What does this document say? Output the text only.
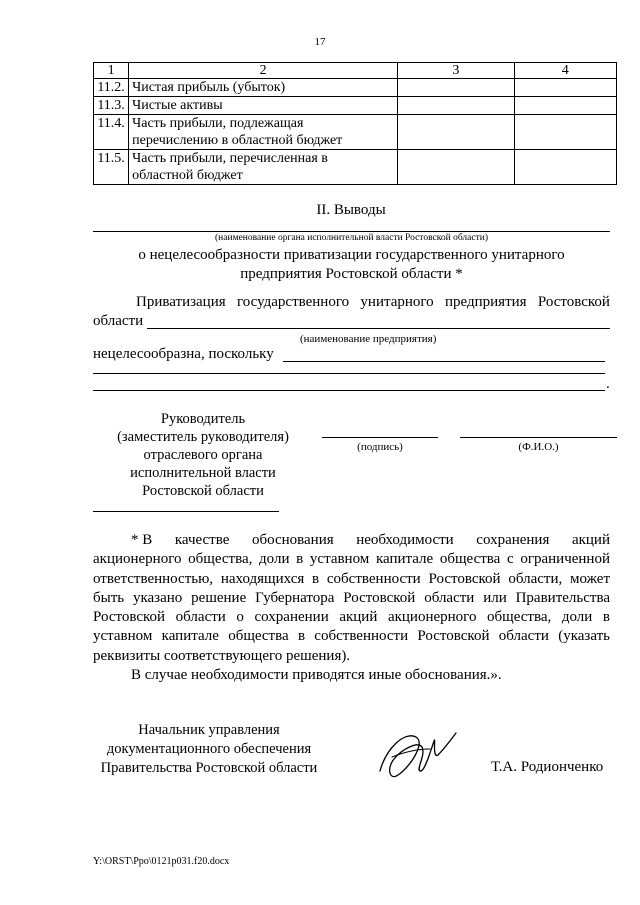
17
1	2	3	4
11.2.	Чистая прибыль (убыток)		
11.3.	Чистые активы		
11.4.	Часть прибыли, подлежащая
перечислению в областной бюджет		

11.5.	Часть прибыли, перечисленная в
областной бюджет		

II. Выводы
(наименование органа исполнительной власти Ростовской области)
о нецелесообразности приватизации государственного унитарного
предприятия Ростовской области *
Приватизация государственного унитарного предприятия Ростовской
области
(наименование предприятия)
нецелесообразна, поскольку
.
Руководитель
(заместитель руководителя)
отраслевого органа
исполнительной власти
Ростовской области
(подпись)	(Ф.И.О.)
* В качестве обоснования необходимости сохранения акций
акционерного общества, доли в уставном капитале общества с ограниченной
ответственностью, находящихся в собственности Ростовской области, может
быть указано решение Губернатора Ростовской области или Правительства
Ростовской области о сохранении акций акционерного общества, доли в
уставном капитале общества в собственности Ростовской области (указать
реквизиты соответствующего решения).
В случае необходимости приводятся иные обоснования.».
Начальник управления
документационного обеспечения
Правительства Ростовской области	Т.А. Родионченко
Y:\ORST\Ppo\0121p031.f20.docx
